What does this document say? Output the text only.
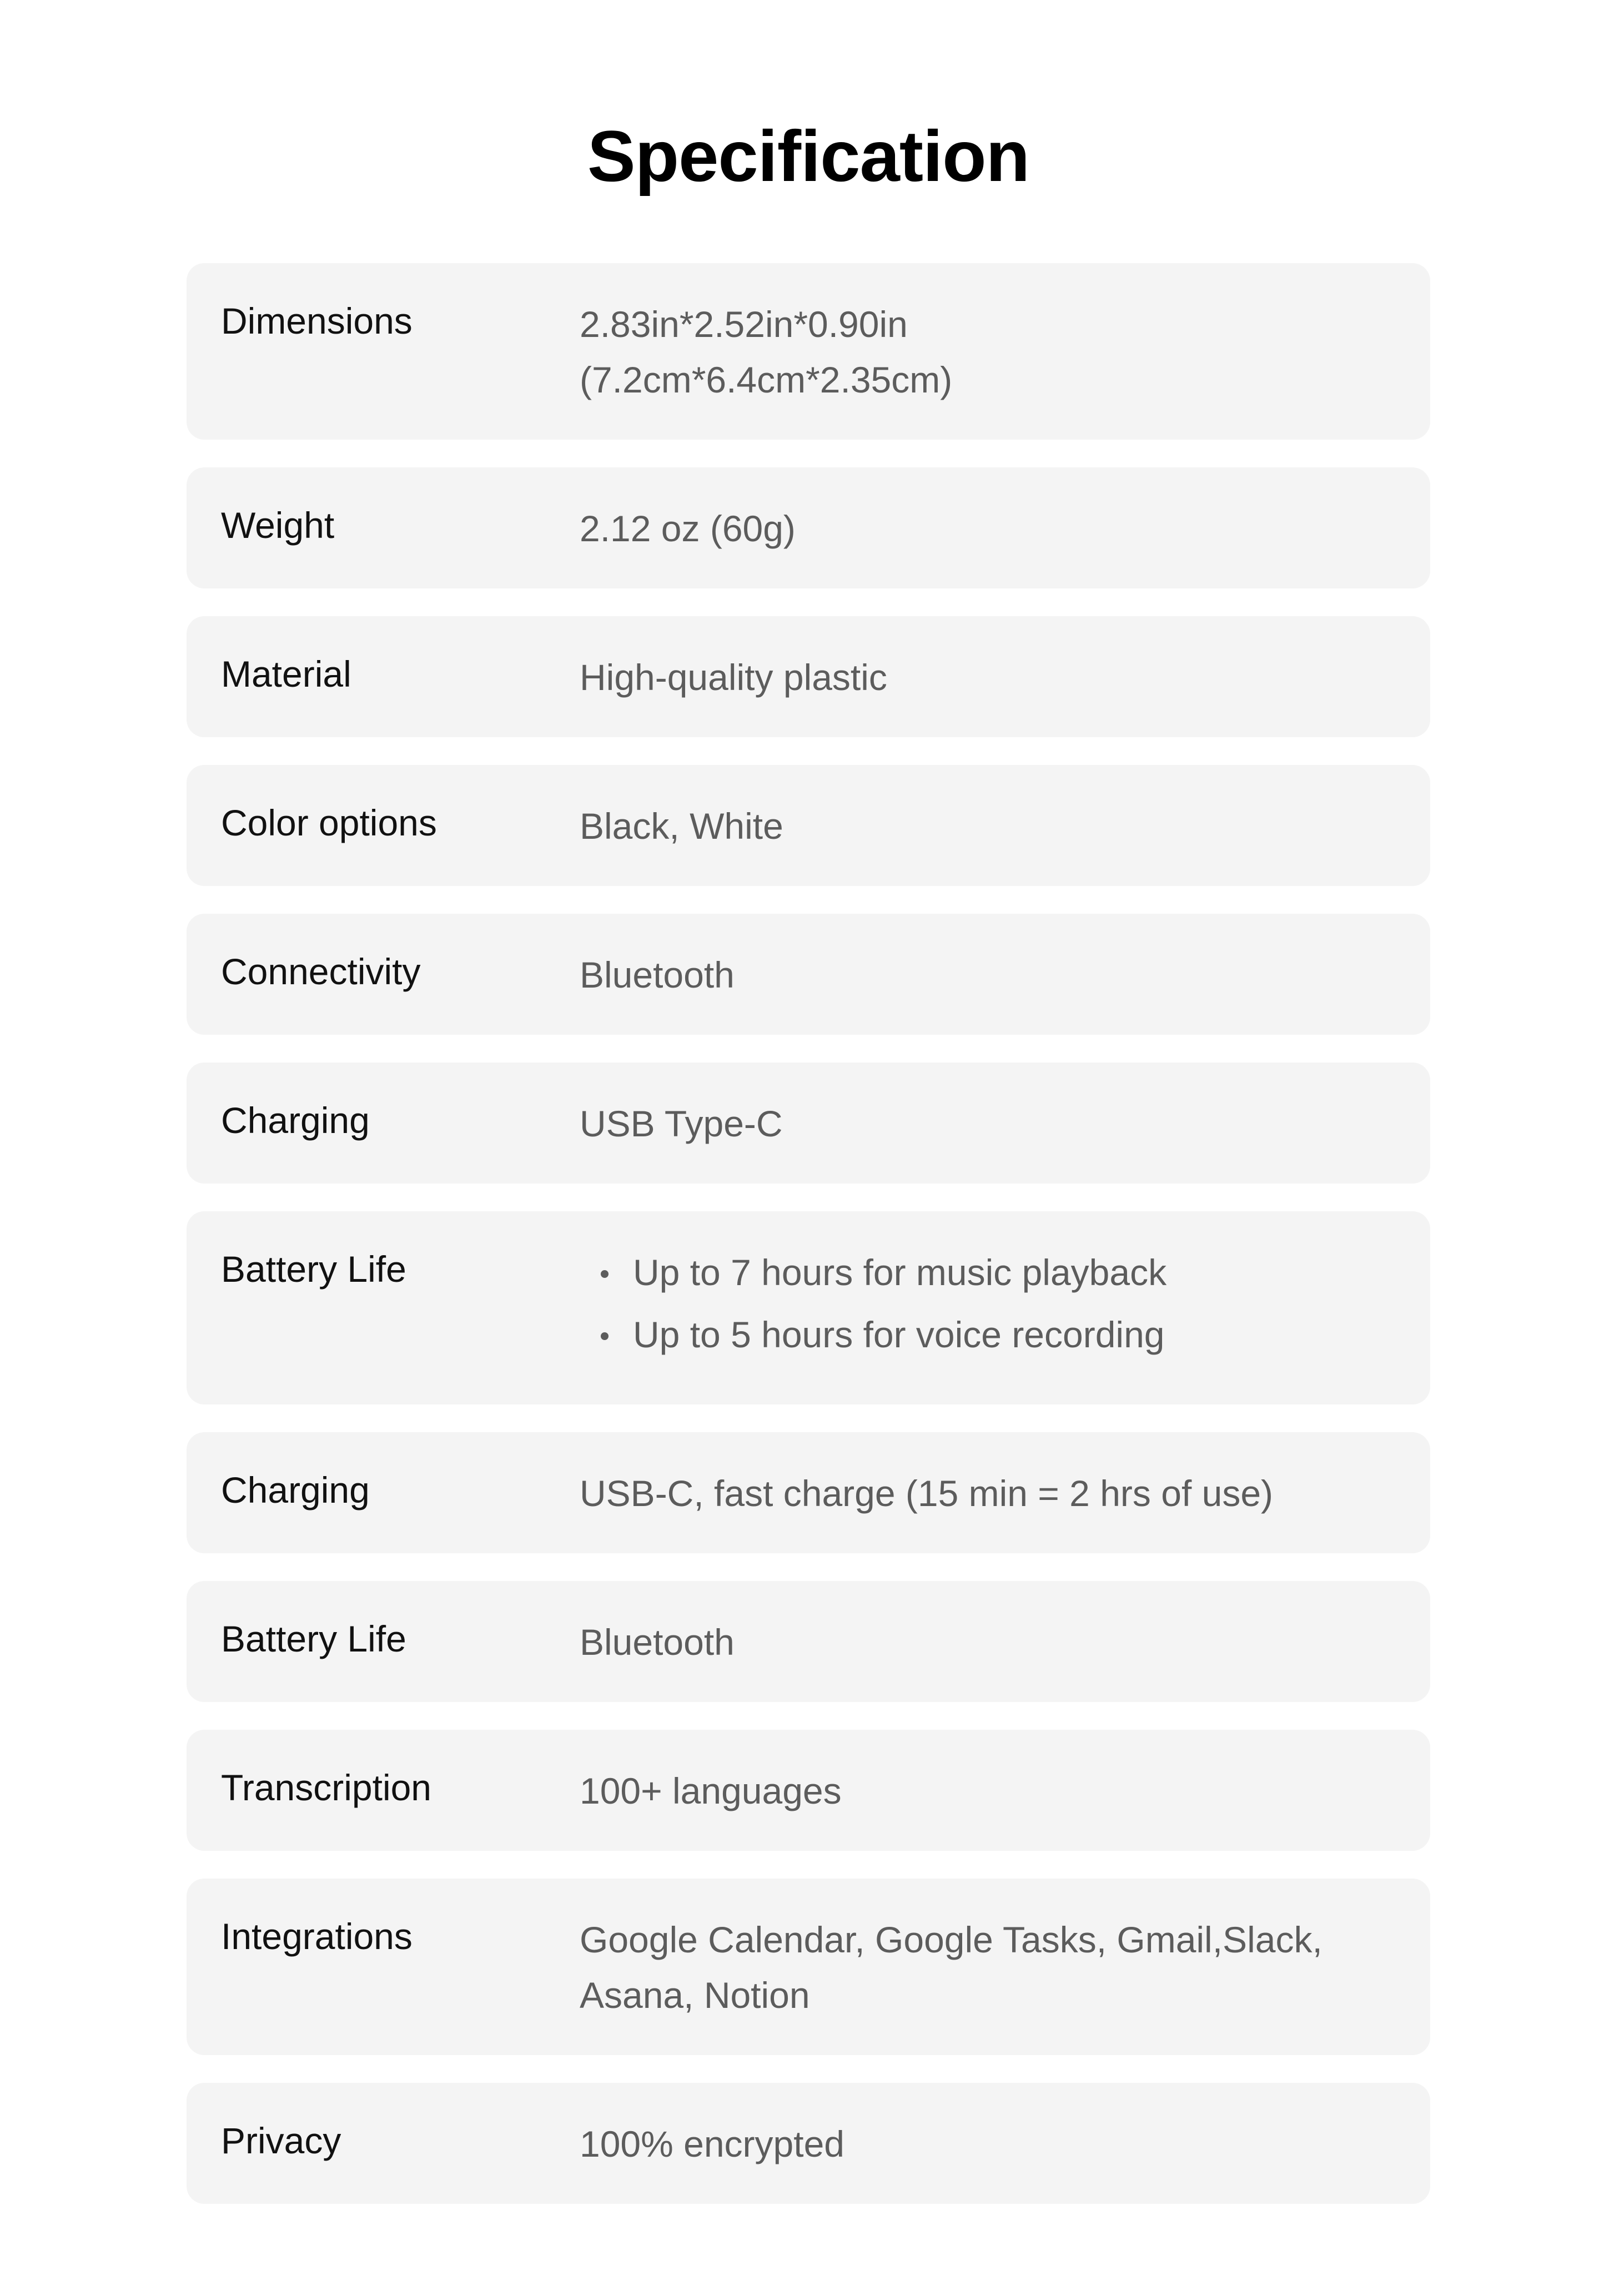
Specification
Dimensions	2.83in*2.52in*0.90in
(7.2cm*6.4cm*2.35cm)
Weight	2.12 oz (60g)
Material	High-quality plastic
Color options	Black, White
Connectivity	Bluetooth
Charging	USB Type-C
Battery Life	Up to 7 hours for music playback
Up to 5 hours for voice recording
Charging	USB-C, fast charge (15 min = 2 hrs of use)
Battery Life	Bluetooth
Transcription	100+ languages
Integrations	Google Calendar, Google Tasks, Gmail,Slack,
Asana, Notion
Privacy	100% encrypted
